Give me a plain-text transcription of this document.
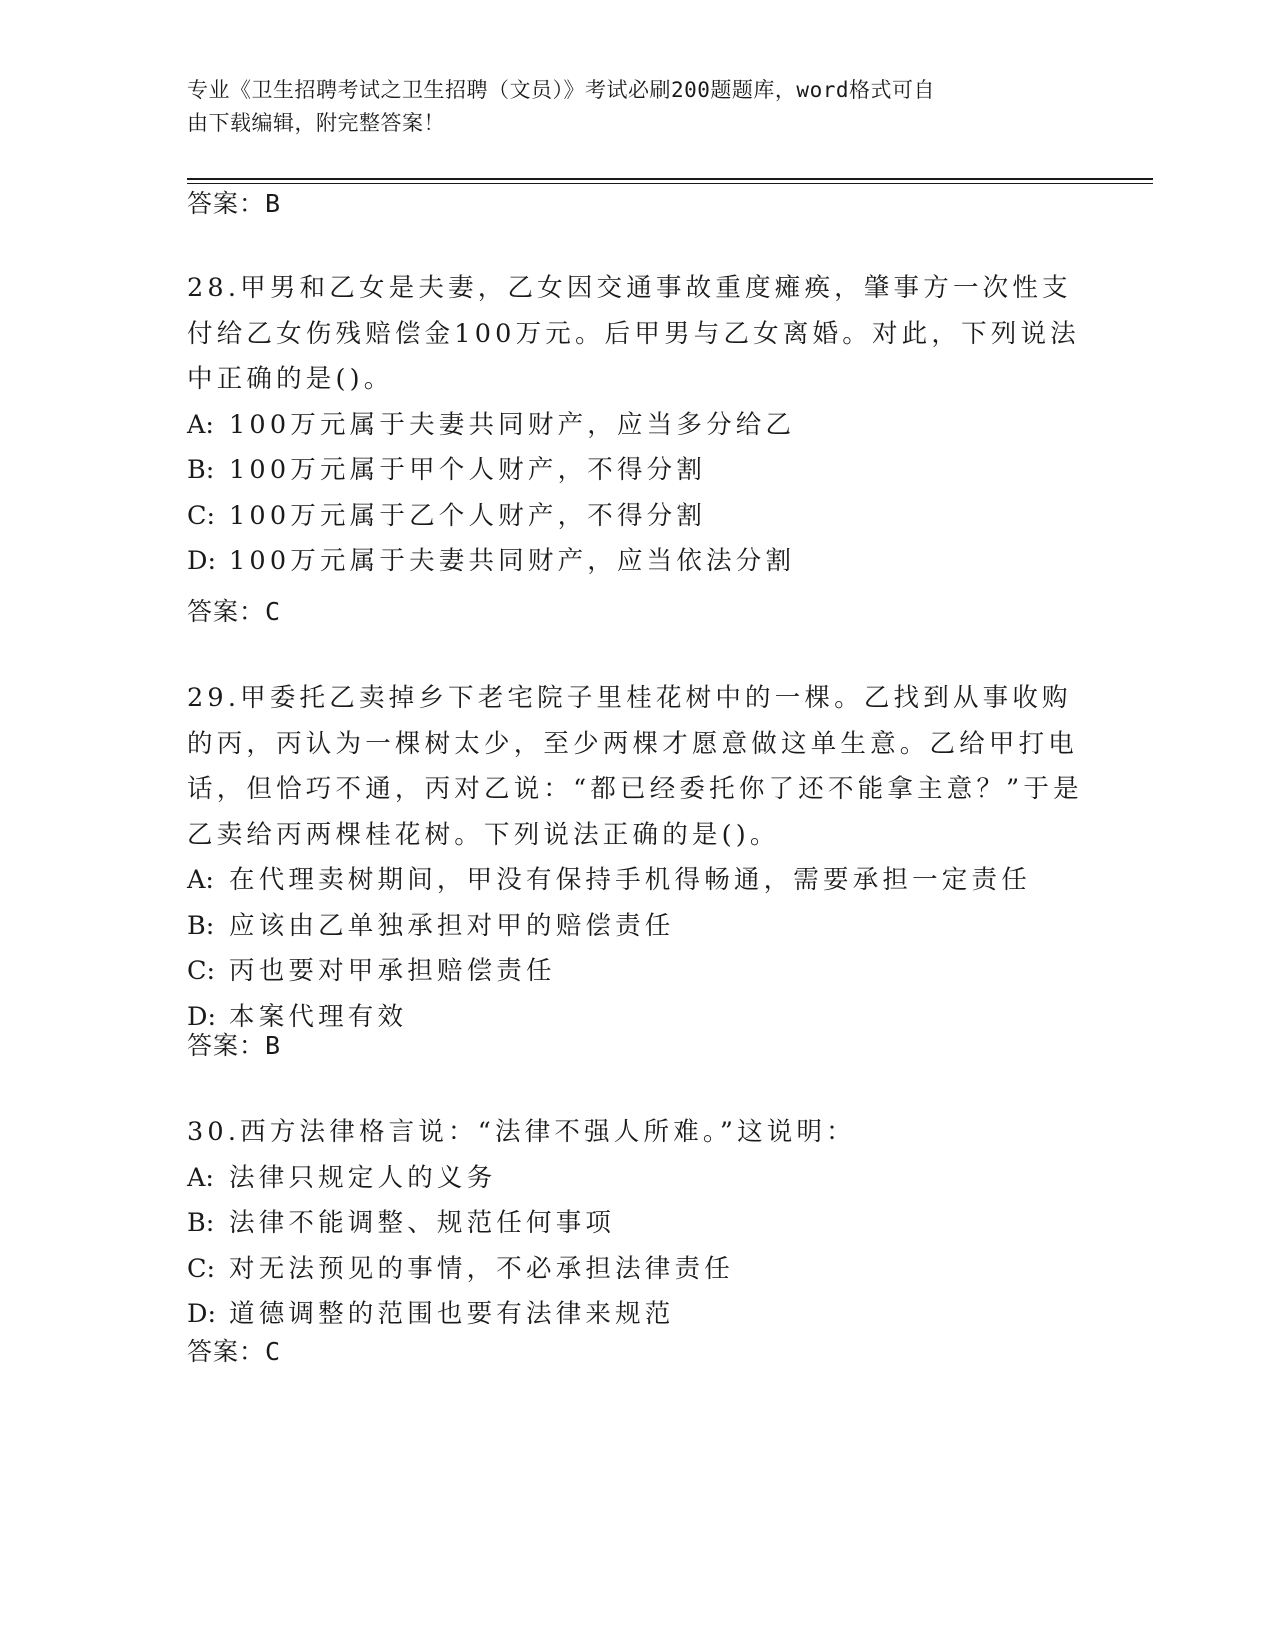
专业《卫生招聘考试之卫生招聘（文员）》考试必刷200题题库，word格式可自
由下载编辑，附完整答案！
答案：B

28.甲男和乙女是夫妻，乙女因交通事故重度瘫痪，肇事方一次性支付给乙女伤残赔偿金100万元。后甲男与乙女离婚。对此，下列说法中正确的是()。

A: 100万元属于夫妻共同财产，应当多分给乙

B: 100万元属于甲个人财产，不得分割

C: 100万元属于乙个人财产，不得分割

D: 100万元属于夫妻共同财产，应当依法分割

答案：C

29.甲委托乙卖掉乡下老宅院子里桂花树中的一棵。乙找到从事收购的丙，丙认为一棵树太少，至少两棵才愿意做这单生意。乙给甲打电话，但恰巧不通，丙对乙说：“都已经委托你了还不能拿主意？”于是乙卖给丙两棵桂花树。下列说法正确的是()。

A: 在代理卖树期间，甲没有保持手机得畅通，需要承担一定责任

B: 应该由乙单独承担对甲的赔偿责任

C: 丙也要对甲承担赔偿责任

D: 本案代理有效

答案：B

30.西方法律格言说：“法律不强人所难。”这说明：

A: 法律只规定人的义务

B: 法律不能调整、规范任何事项

C: 对无法预见的事情，不必承担法律责任

D: 道德调整的范围也要有法律来规范

答案：C
